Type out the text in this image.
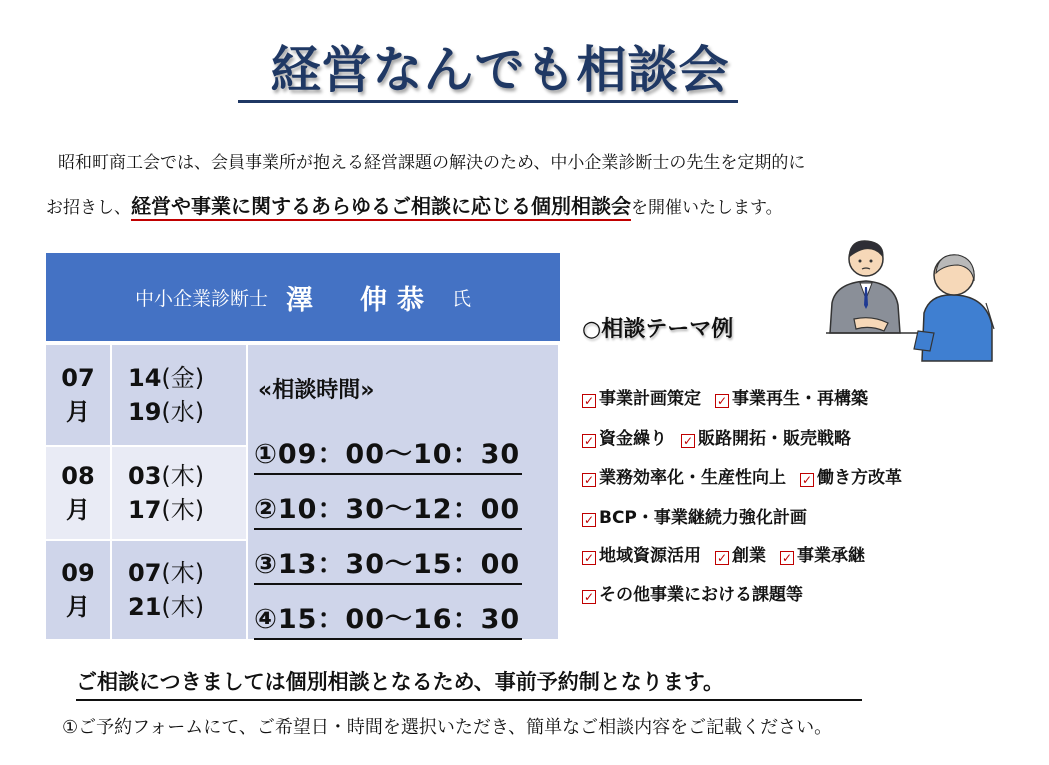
経営なんでも相談会
昭和町商工会では、会員事業所が抱える経営課題の解決のため、中小企業診断士の先生を定期的に
お招きし、経営や事業に関するあらゆるご相談に応じる個別相談会を開催いたします。
中小企業診断士 澤　伸恭 氏
07
月
14(金)
19(水)
08
月
03(木)
17(木)
09
月
07(木)
21(木)
«相談時間»
①09：00～10：30 ②10：30～12：00 ③13：30～15：00 ④15：00～16：30
○相談テーマ例
✓ 事業計画策定 ✓ 事業再生・再構築
✓ 資金繰り ✓ 販路開拓・販売戦略
✓ 業務効率化・生産性向上 ✓ 働き方改革
✓ BCP・事業継続力強化計画
✓ 地域資源活用 ✓ 創業 ✓ 事業承継
✓ その他事業における課題等
ご相談につきましては個別相談となるため、事前予約制となります。
①ご予約フォームにて、ご希望日・時間を選択いただき、簡単なご相談内容をご記載ください。
